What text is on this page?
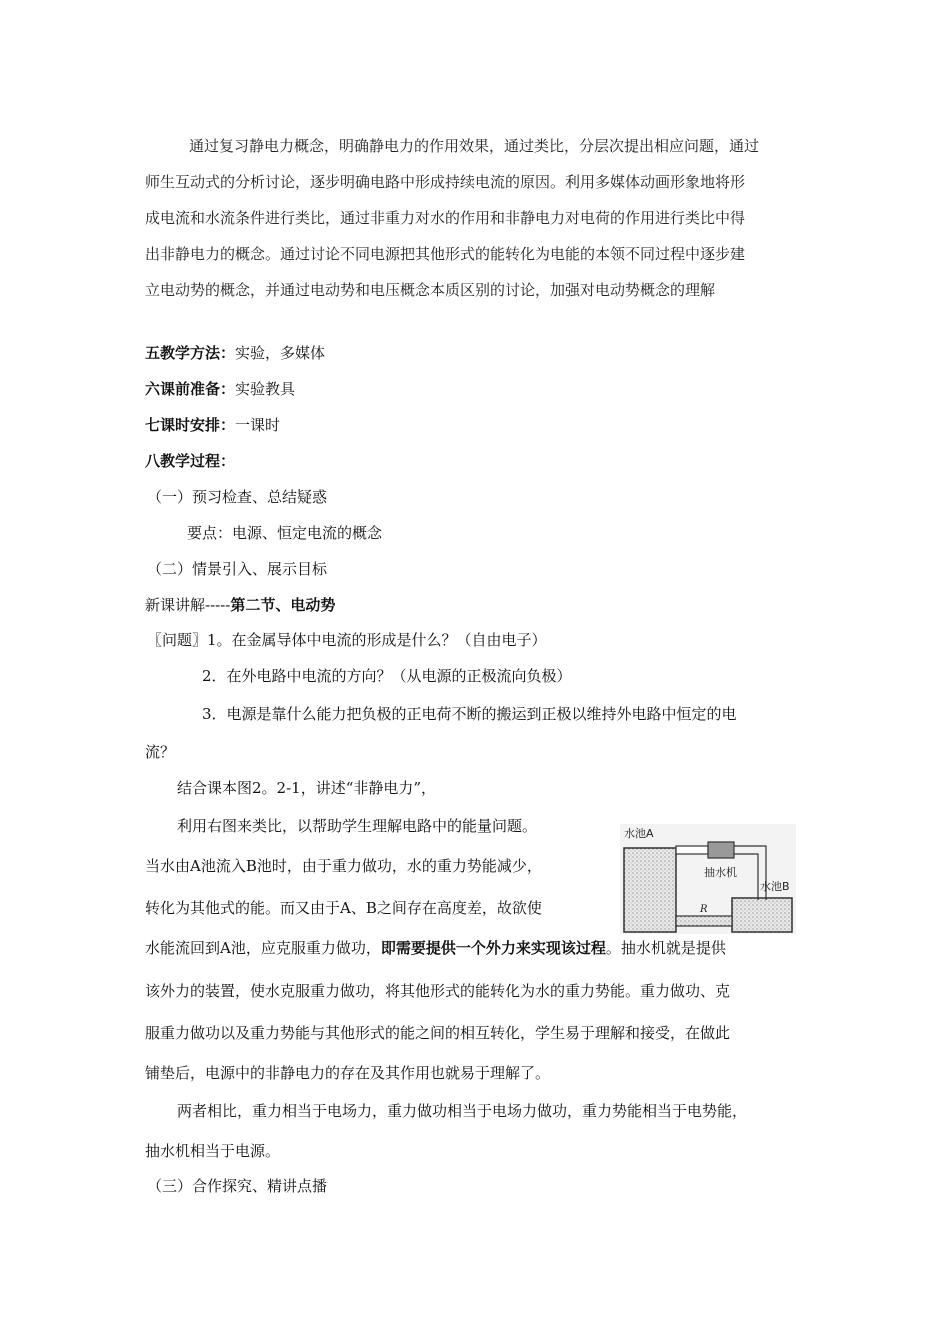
通过复习静电力概念，明确静电力的作用效果，通过类比，分层次提出相应问题，通过
师生互动式的分析讨论，逐步明确电路中形成持续电流的原因。利用多媒体动画形象地将形
成电流和水流条件进行类比，通过非重力对水的作用和非静电力对电荷的作用进行类比中得
出非静电力的概念。通过讨论不同电源把其他形式的能转化为电能的本领不同过程中逐步建
立电动势的概念，并通过电动势和电压概念本质区别的讨论，加强对电动势概念的理解
五教学方法：实验，多媒体
六课前准备：实验教具
七课时安排：一课时
八教学过程：
（一）预习检查、总结疑惑
要点：电源、恒定电流的概念
（二）情景引入、展示目标
新课讲解-----第二节、电动势
〖问题〗1。在金属导体中电流的形成是什么？（自由电子）
2．在外电路中电流的方向？（从电源的正极流向负极）
3．电源是靠什么能力把负极的正电荷不断的搬运到正极以维持外电路中恒定的电
流？
结合课本图2。2-1，讲述“非静电力”，
利用右图来类比，以帮助学生理解电路中的能量问题。
当水由A池流入B池时，由于重力做功，水的重力势能减少，
转化为其他式的能。而又由于A、B之间存在高度差，故欲使
水能流回到A池，应克服重力做功，即需要提供一个外力来实现该过程。抽水机就是提供
该外力的装置，使水克服重力做功，将其他形式的能转化为水的重力势能。重力做功、克
服重力做功以及重力势能与其他形式的能之间的相互转化，学生易于理解和接受，在做此
铺垫后，电源中的非静电力的存在及其作用也就易于理解了。
两者相比，重力相当于电场力，重力做功相当于电场力做功，重力势能相当于电势能，
抽水机相当于电源。
（三）合作探究、精讲点播
水池A
抽水机
水池B
R
